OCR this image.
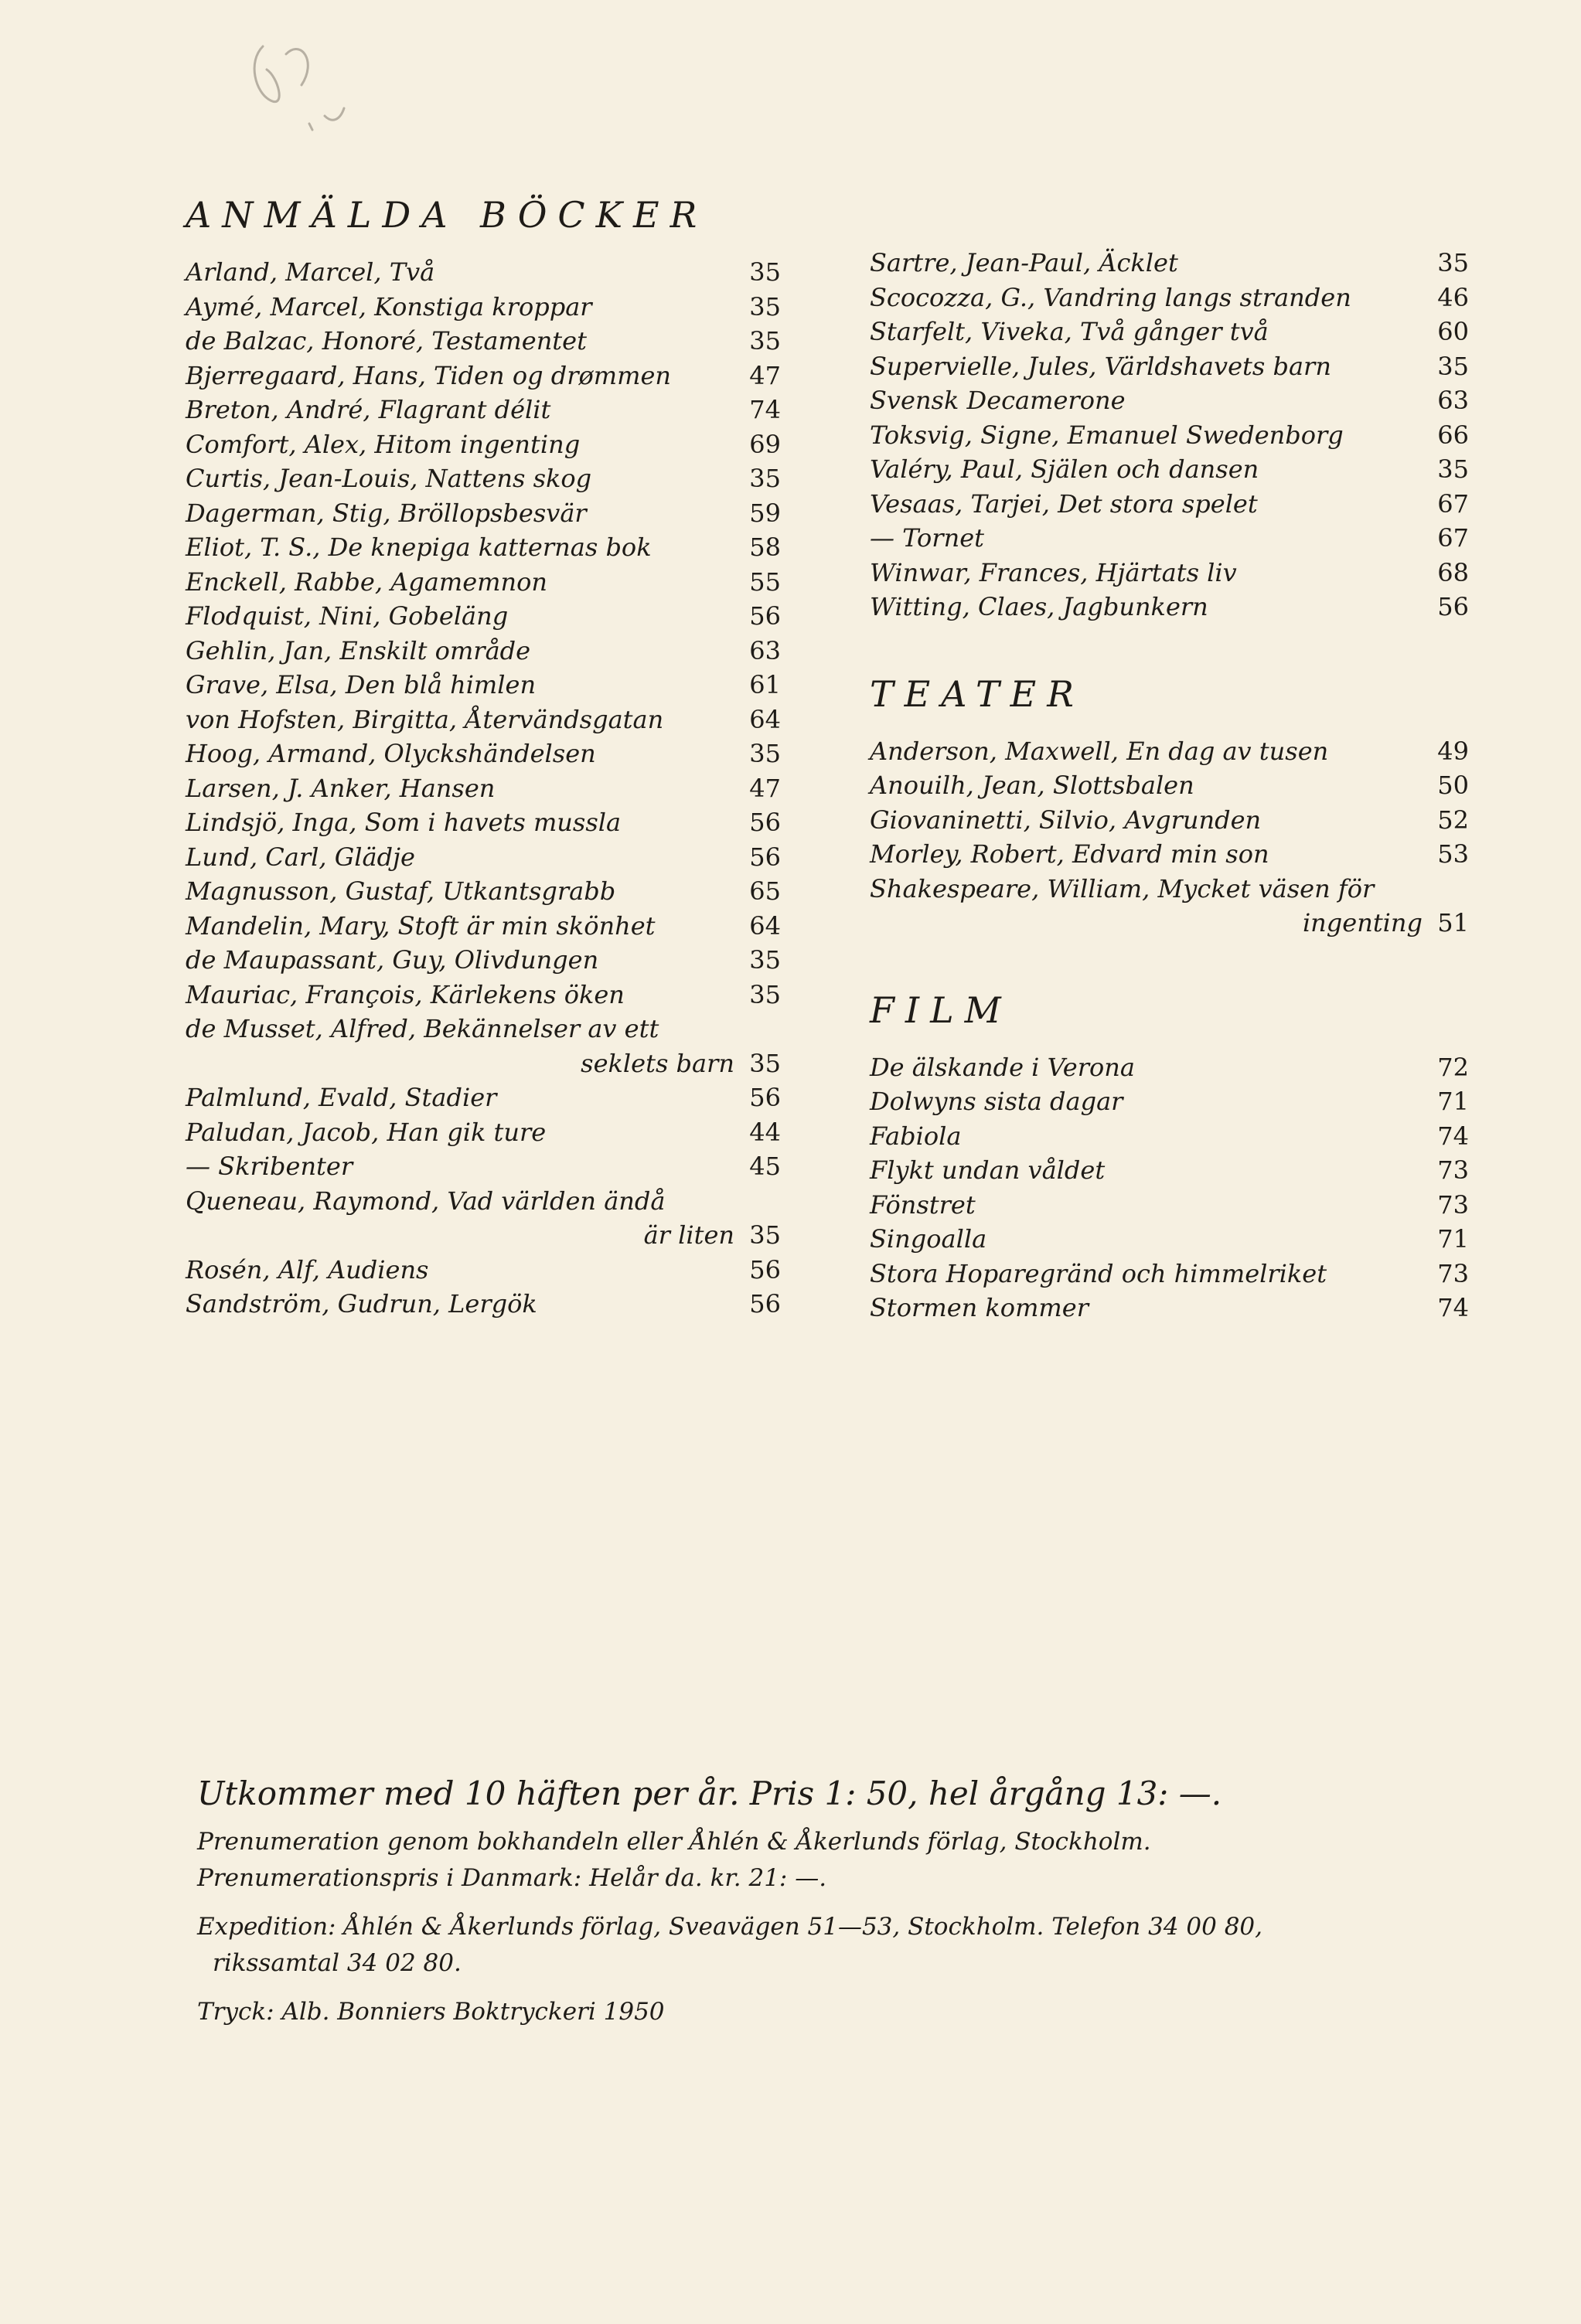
ANMÄLDA BÖCKER
Arland, Marcel, Två	35
Aymé, Marcel, Konstiga kroppar	35
de Balzac, Honoré, Testamentet	35
Bjerregaard, Hans, Tiden og drømmen	47
Breton, André, Flagrant délit	74
Comfort, Alex, Hitom ingenting	69
Curtis, Jean-Louis, Nattens skog	35
Dagerman, Stig, Bröllopsbesvär	59
Eliot, T. S., De knepiga katternas bok	58
Enckell, Rabbe, Agamemnon	55
Flodquist, Nini, Gobeläng	56
Gehlin, Jan, Enskilt område	63
Grave, Elsa, Den blå himlen	61
von Hofsten, Birgitta, Återvändsgatan	64
Hoog, Armand, Olyckshändelsen	35
Larsen, J. Anker, Hansen	47
Lindsjö, Inga, Som i havets mussla	56
Lund, Carl, Glädje	56
Magnusson, Gustaf, Utkantsgrabb	65
Mandelin, Mary, Stoft är min skönhet	64
de Maupassant, Guy, Olivdungen	35
Mauriac, François, Kärlekens öken	35
de Musset, Alfred, Bekännelser av ett
seklets barn 35
Palmlund, Evald, Stadier	56
Paludan, Jacob, Han gik ture	44
— Skribenter	45
Queneau, Raymond, Vad världen ändå
är liten 35
Rosén, Alf, Audiens	56
Sandström, Gudrun, Lergök	56
Sartre, Jean-Paul, Äcklet	35
Scocozza, G., Vandring langs stranden	46
Starfelt, Viveka, Två gånger två	60
Supervielle, Jules, Världshavets barn	35
Svensk Decamerone	63
Toksvig, Signe, Emanuel Swedenborg	66
Valéry, Paul, Själen och dansen	35
Vesaas, Tarjei, Det stora spelet	67
— Tornet	67
Winwar, Frances, Hjärtats liv	68
Witting, Claes, Jagbunkern	56
TEATER
Anderson, Maxwell, En dag av tusen	49
Anouilh, Jean, Slottsbalen	50
Giovaninetti, Silvio, Avgrunden	52
Morley, Robert, Edvard min son	53
Shakespeare, William, Mycket väsen för
ingenting 51
FILM
De älskande i Verona	72
Dolwyns sista dagar	71
Fabiola	74
Flykt undan våldet	73
Fönstret	73
Singoalla	71
Stora Hoparegränd och himmelriket	73
Stormen kommer	74
Utkommer med 10 häften per år. Pris 1: 50, hel årgång 13: —.
Prenumeration genom bokhandeln eller Åhlén & Åkerlunds förlag, Stockholm.
Prenumerationspris i Danmark: Helår da. kr. 21: —.
Expedition: Åhlén & Åkerlunds förlag, Sveavägen 51—53, Stockholm. Telefon 34 00 80,
rikssamtal 34 02 80.
Tryck: Alb. Bonniers Boktryckeri 1950
